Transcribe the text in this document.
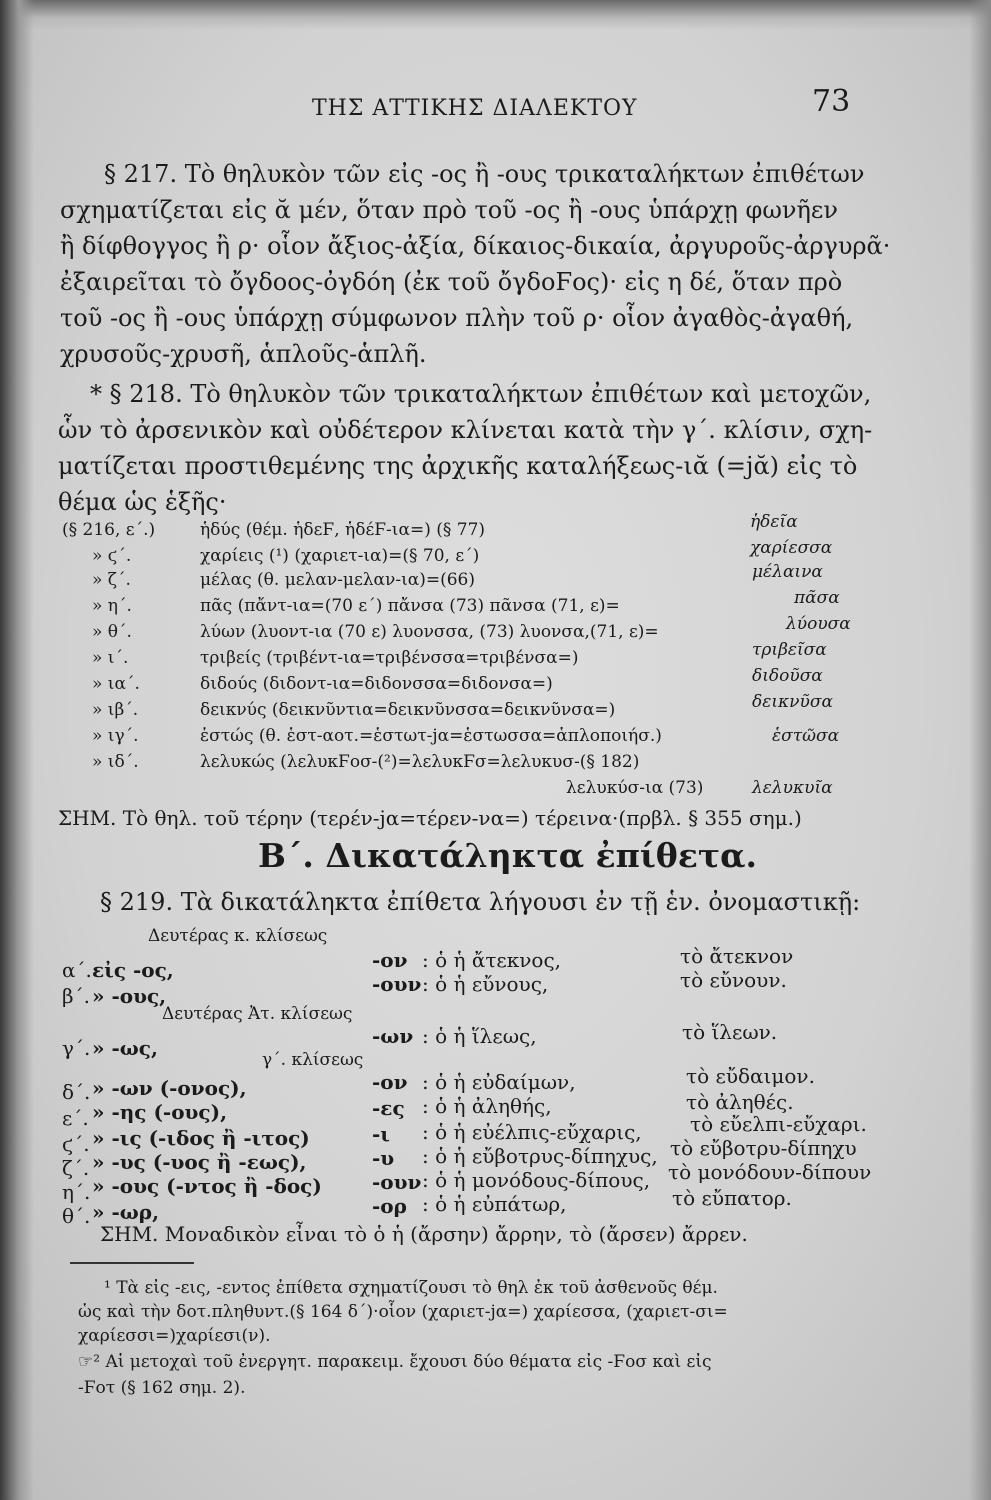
ΤΗΣ ΑΤΤΙΚΗΣ ΔΙΑΛΕΚΤΟΥ	73
§ 217. Τὸ θηλυκὸν τῶν εἰς -ος ἢ -ους τρικαταλήκτων ἐπιθέτων
σχηματίζεται εἰς ᾰ μέν, ὅταν πρὸ τοῦ -ος ἢ -ους ὑπάρχῃ φωνῆεν
ἢ δίφθογγος ἢ ρ· οἷον ἄξιος-ἀξία, δίκαιος-δικαία, ἀργυροῦς-ἀργυρᾶ·
ἐξαιρεῖται τὸ ὄγδοος-ὀγδόη (ἐκ τοῦ ὄγδοϜος)· εἰς η δέ, ὅταν πρὸ
τοῦ -ος ἢ -ους ὑπάρχῃ σύμφωνον πλὴν τοῦ ρ· οἷον ἀγαθὸς-ἀγαθή,
χρυσοῦς-χρυσῆ, ἁπλοῦς-ἁπλῆ.
* § 218. Τὸ θηλυκὸν τῶν τρικαταλήκτων ἐπιθέτων καὶ μετοχῶν,
ὧν τὸ ἀρσενικὸν καὶ οὐδέτερον κλίνεται κατὰ τὴν γ΄. κλίσιν, σχη-
ματίζεται προστιθεμένης της ἀρχικῆς καταλήξεως-ιᾰ (=jᾰ) εἰς τὸ
θέμα ὡς ἑξῆς·
(§ 216, ε΄.)	ἡδύς (θέμ. ἡδεϜ, ἡδέϜ-ια=) (§ 77)	ἡδεῖα
» ϛ΄.	χαρίεις (¹) (χαριετ-ια)=(§ 70, ε΄)	χαρίεσσα
» ζ΄.	μέλας (θ. μελαν-μελαν-ια)=(66)	μέλαινα
» η΄.	πᾶς (πἄντ-ια=(70 ε΄) πἄνσα (73) πᾶνσα (71, ε)=	πᾶσα
» θ΄.	λύων (λυοντ-ια (70 ε) λυονσσα, (73) λυονσα,(71, ε)=	λύουσα
» ι΄.	τριβείς (τριβέντ-ια=τριβένσσα=τριβένσα=)	τριβεῖσα
» ια΄.	διδούς (διδοντ-ια=διδονσσα=διδονσα=)	διδοῦσα
» ιβ΄.	δεικνύς (δεικνῦντια=δεικνῦνσσα=δεικνῦνσα=)	δεικνῦσα
» ιγ΄.	ἑστώς (θ. ἑστ-αοτ.=ἑστωτ-jα=ἑστωσσα=ἁπλοποιήσ.)	ἑστῶσα
» ιδ΄.	λελυκώς (λελυκϜοσ-(²)=λελυκϜσ=λελυκυσ-(§ 182)
λελυκύσ-ια (73)	λελυκυῖα
ΣΗΜ. Τὸ θηλ. τοῦ τέρην (τερέν-jα=τέρεν-να=) τέρεινα·(πρβλ. § 355 σημ.)
Β΄. Δικατάληκτα ἐπίθετα.
§ 219. Τὰ δικατάληκτα ἐπίθετα λήγουσι ἐν τῇ ἑν. ὀνομαστικῇ:
Δευτέρας κ. κλίσεως
α΄. εἰς -ος,	-ον : ὁ ἡ ἄτεκνος,	τὸ ἄτεκνον
β΄. » -ους,	-ουν : ὁ ἡ εὔνους,	τὸ εὔνουν.
Δευτέρας Ἀτ. κλίσεως
γ΄. » -ως,	-ων : ὁ ἡ ἵλεως,	τὸ ἵλεων.
γ΄. κλίσεως
δ΄. » -ων (-ονος),	-ον : ὁ ἡ εὐδαίμων,	τὸ εὔδαιμον.
ε΄. » -ης (-ους),	-ες : ὁ ἡ ἀληθής,	τὸ ἀληθές.
ϛ΄. » -ις (-ιδος ἢ -ιτος)	-ι : ὁ ἡ εὐέλπις-εὔχαρις, τὸ εὔελπι-εὔχαρι.
ζ΄. » -υς (-υος ἢ -εως),	-υ : ὁ ἡ εὔβοτρυς-δίπηχυς, τὸ εὔβοτρυ-δίπηχυ
η΄. » -ους (-ντος ἢ -δος)	-ουν : ὁ ἡ μονόδους-δίπους, τὸ μονόδουν-δίπουν
θ΄. » -ωρ,	-ορ : ὁ ἡ εὐπάτωρ,	τὸ εὔπατορ.
ΣΗΜ. Μοναδικὸν εἶναι τὸ ὁ ἡ (ἄρσην) ἄρρην, τὸ (ἄρσεν) ἄρρεν.
¹ Τὰ εἰς -εις, -εντος ἐπίθετα σχηματίζουσι τὸ θηλ ἐκ τοῦ ἀσθενοῦς θέμ.
ὡς καὶ τὴν δοτ.πληθυντ.(§ 164 δ΄)·οἷον (χαριετ-jα=) χαρίεσσα, (χαριετ-σι=
χαρίεσσι=)χαρίεσι(ν).
☞² Αἱ μετοχαὶ τοῦ ἐνεργητ. παρακειμ. ἔχουσι δύο θέματα εἰς -Ϝοσ καὶ εἰς
-Ϝοτ (§ 162 σημ. 2).
